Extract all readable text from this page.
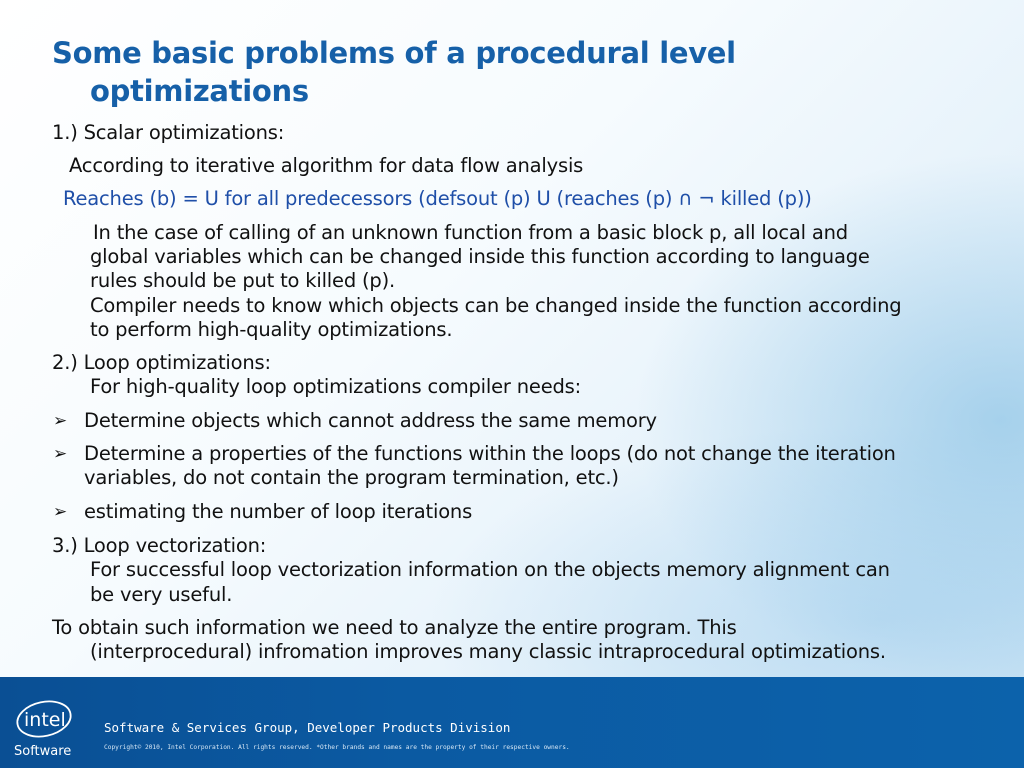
Some basic problems of a procedural level
optimizations
1.) Scalar optimizations:
According to iterative algorithm for data flow analysis
Reaches (b) = U for all predecessors (defsout (p) U (reaches (p) ∩ ¬ killed (p))
In the case of calling of an unknown function from a basic block p, all local and
global variables which can be changed inside this function according to language
rules should be put to killed (p).
Compiler needs to know which objects can be changed inside the function according
to perform high-quality optimizations.
2.) Loop optimizations:
For high-quality loop optimizations compiler needs:
➢ Determine objects which cannot address the same memory
➢ Determine a properties of the functions within the loops (do not change the iteration
variables, do not contain the program termination, etc.)
➢ estimating the number of loop iterations
3.) Loop vectorization:
For successful loop vectorization information on the objects memory alignment can
be very useful.
To obtain such information we need to analyze the entire program. This
(interprocedural) infromation improves many classic intraprocedural optimizations.
intel
Software
Software & Services Group, Developer Products Division
Copyright© 2010, Intel Corporation. All rights reserved. *Other brands and names are the property of their respective owners.
